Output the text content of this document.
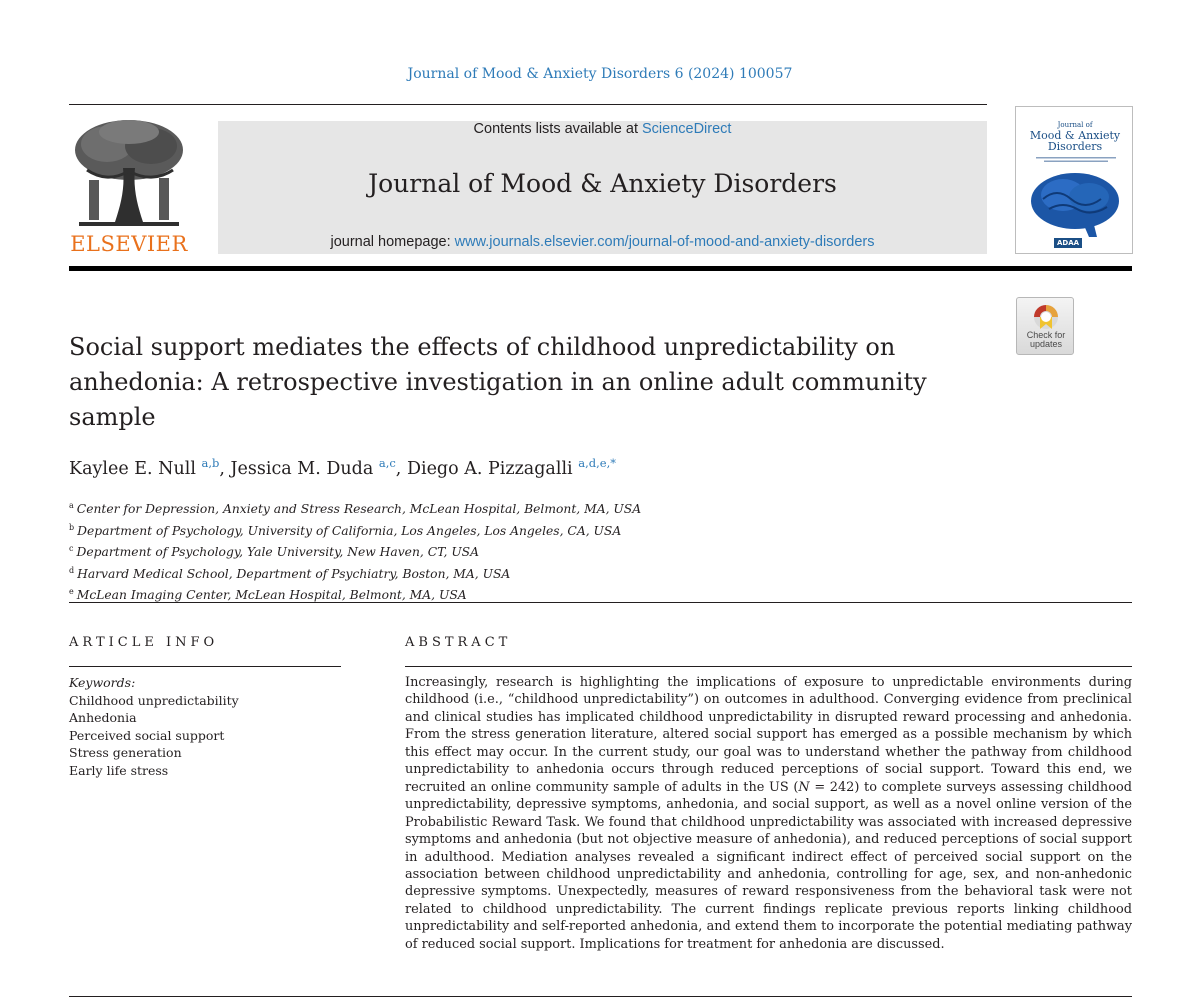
Journal of Mood & Anxiety Disorders 6 (2024) 100057
ELSEVIER
Contents lists available at ScienceDirect
Journal of Mood & Anxiety Disorders
journal homepage: www.journals.elsevier.com/journal-of-mood-and-anxiety-disorders
Journal of
Mood & Anxiety
Disorders
ADAA
Check for
updates
Social support mediates the effects of childhood unpredictability on anhedonia: A retrospective investigation in an online adult community sample
Kaylee E. Null $^{a,b}$, Jessica M. Duda $^{a,c}$, Diego A. Pizzagalli $^{a,d,e,*}$
$^a$ Center for Depression, Anxiety and Stress Research, McLean Hospital, Belmont, MA, USA
$^b$ Department of Psychology, University of California, Los Angeles, Los Angeles, CA, USA
$^c$ Department of Psychology, Yale University, New Haven, CT, USA
$^d$ Harvard Medical School, Department of Psychiatry, Boston, MA, USA
$^e$ McLean Imaging Center, McLean Hospital, Belmont, MA, USA
ARTICLE INFO	ABSTRACT
Keywords:
Childhood unpredictability
Anhedonia
Perceived social support
Stress generation
Early life stress

Increasingly, research is highlighting the implications of exposure to unpredictable environments during childhood (i.e., “childhood unpredictability”) on outcomes in adulthood. Converging evidence from preclinical and clinical studies has implicated childhood unpredictability in disrupted reward processing and anhedonia. From the stress generation literature, altered social support has emerged as a possible mechanism by which this effect may occur. In the current study, our goal was to understand whether the pathway from childhood unpredictability to anhedonia occurs through reduced perceptions of social support. Toward this end, we recruited an online community sample of adults in the US (N = 242) to complete surveys assessing childhood unpredictability, depressive symptoms, anhedonia, and social support, as well as a novel online version of the Probabilistic Reward Task. We found that childhood unpredictability was associated with increased depressive symptoms and anhedonia (but not objective measure of anhedonia), and reduced perceptions of social support in adulthood. Mediation analyses revealed a significant indirect effect of perceived social support on the association between childhood unpredictability and anhedonia, controlling for age, sex, and non-anhedonic depressive symptoms. Unexpectedly, measures of reward responsiveness from the behavioral task were not related to childhood unpredictability. The current findings replicate previous reports linking childhood unpredictability and self-reported anhedonia, and extend them to incorporate the potential mediating pathway of reduced social support. Implications for treatment for anhedonia are discussed.
